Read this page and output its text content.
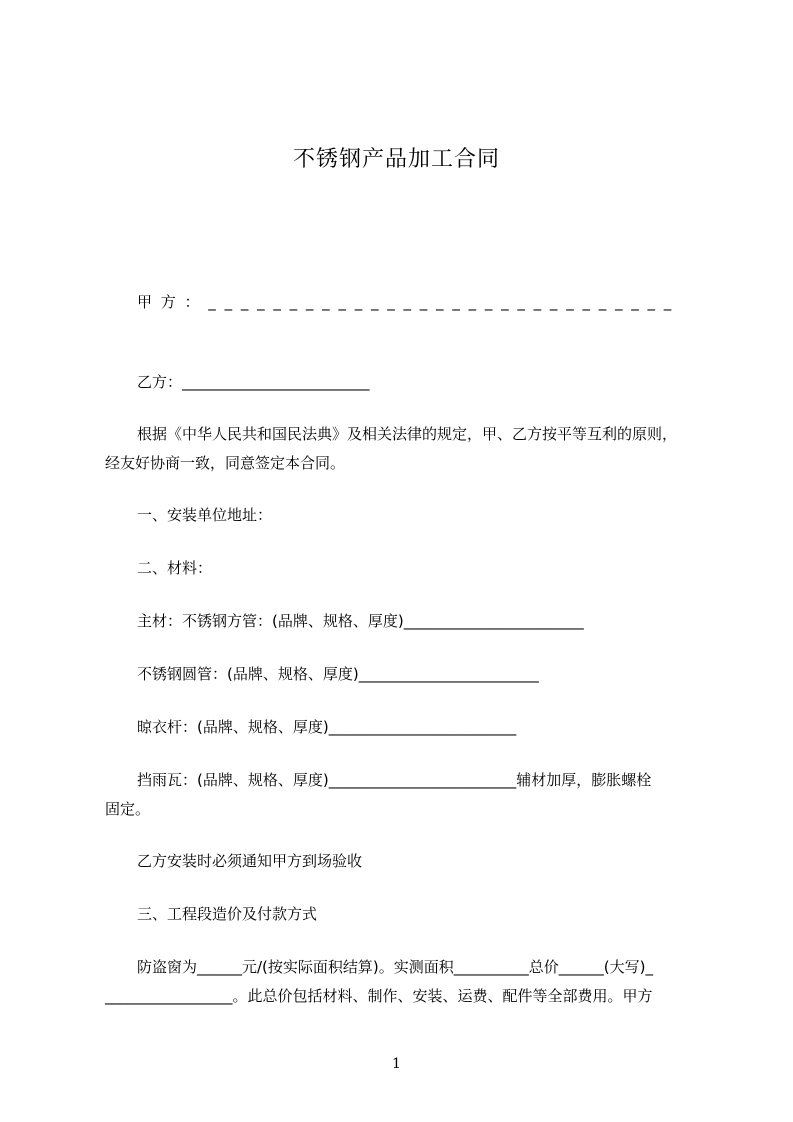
不锈钢产品加工合同
甲 方 ： _ _ _ _ _ _ _ _ _ _ _ _ _ _ _ _ _ _ _ _ _ _ _ _ _ _ _ _ _
乙方：_________________________
根据《中华人民共和国民法典》及相关法律的规定，甲、乙方按平等互利的原则，
经友好协商一致，同意签定本合同。
一、安装单位地址：
二、材料：
主材：不锈钢方管：(品牌、规格、厚度)________________________
不锈钢圆管：(品牌、规格、厚度)________________________
晾衣杆：(品牌、规格、厚度)_________________________
挡雨瓦：(品牌、规格、厚度)_________________________辅材加厚，膨胀螺栓
固定。
乙方安装时必须通知甲方到场验收
三、工程段造价及付款方式
防盗窗为______元/(按实际面积结算)。实测面积__________总价______(大写)_
_________________。此总价包括材料、制作、安装、运费、配件等全部费用。甲方
1
